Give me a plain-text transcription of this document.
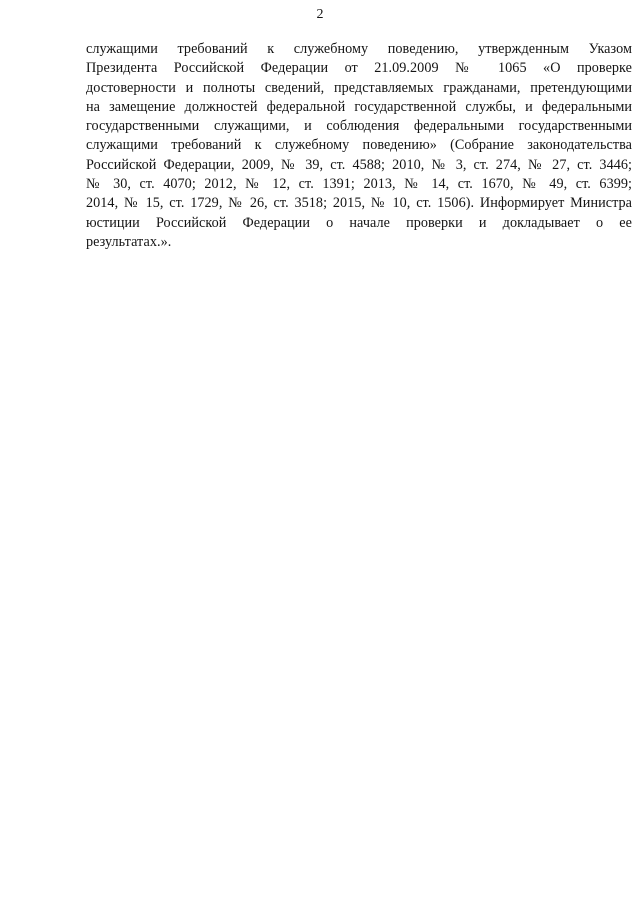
2
служащими требований к служебному поведению, утвержденным Указом
Президента Российской Федерации от 21.09.2009 № 1065 «О проверке
достоверности и полноты сведений, представляемых гражданами, претендующими
на замещение должностей федеральной государственной службы, и федеральными
государственными служащими, и соблюдения федеральными государственными
служащими требований к служебному поведению» (Собрание законодательства
Российской Федерации, 2009, № 39, ст. 4588; 2010, № 3, ст. 274, № 27, ст. 3446;
№ 30, ст. 4070; 2012, № 12, ст. 1391; 2013, № 14, ст. 1670, № 49, ст. 6399;
2014, № 15, ст. 1729, № 26, ст. 3518; 2015, № 10, ст. 1506). Информирует Министра
юстиции Российской Федерации о начале проверки и докладывает о ее
результатах.».
